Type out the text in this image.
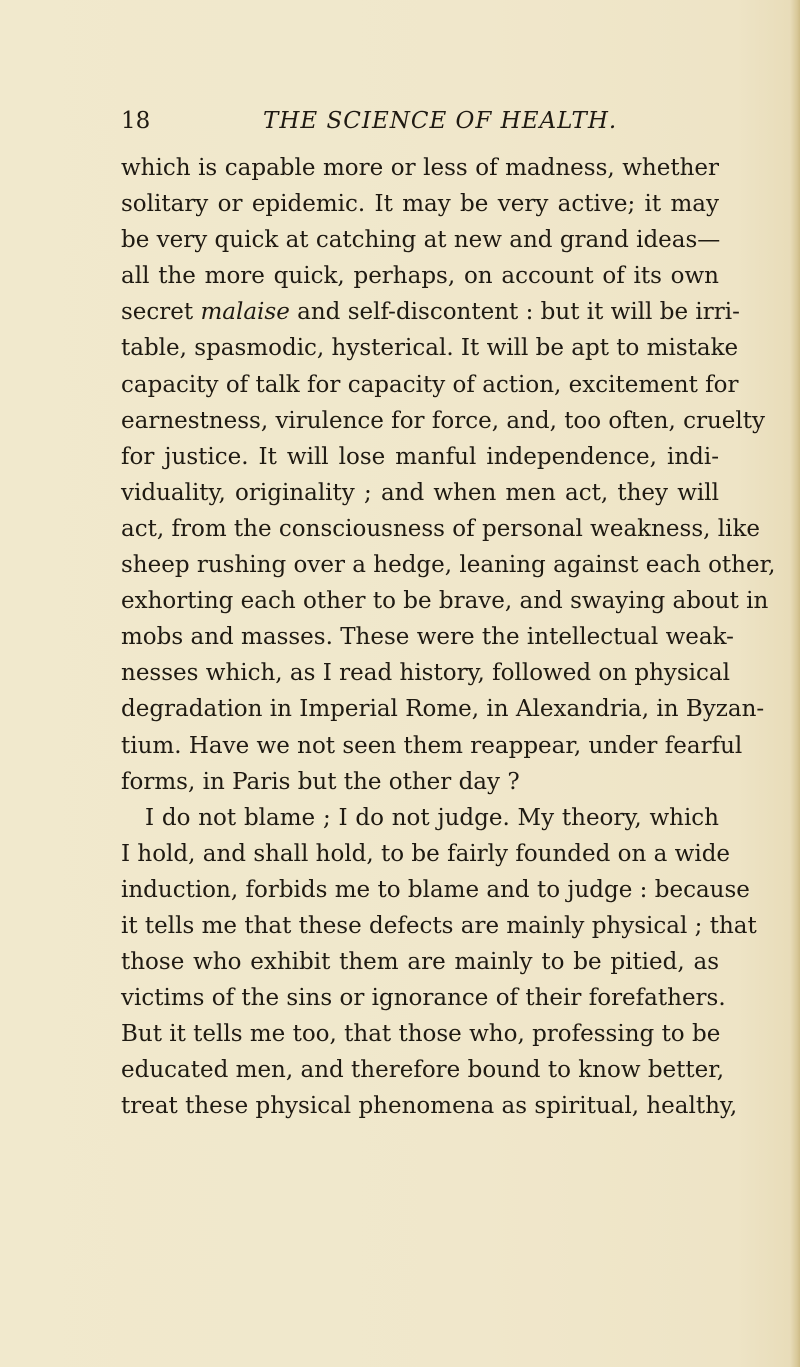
18	THE SCIENCE OF HEALTH.
which is capable more or less of madness, whether
solitary or epidemic. It may be very active; it may
be very quick at catching at new and grand ideas—
all the more quick, perhaps, on account of its own
secret malaise and self-discontent : but it will be irri-
table, spasmodic, hysterical. It will be apt to mistake
capacity of talk for capacity of action, excitement for
earnestness, virulence for force, and, too often, cruelty
for justice. It will lose manful independence, indi-
viduality, originality ; and when men act, they will
act, from the consciousness of personal weakness, like
sheep rushing over a hedge, leaning against each other,
exhorting each other to be brave, and swaying about in
mobs and masses. These were the intellectual weak-
nesses which, as I read history, followed on physical
degradation in Imperial Rome, in Alexandria, in Byzan-
tium. Have we not seen them reappear, under fearful
forms, in Paris but the other day ?
I do not blame ; I do not judge. My theory, which
I hold, and shall hold, to be fairly founded on a wide
induction, forbids me to blame and to judge : because
it tells me that these defects are mainly physical ; that
those who exhibit them are mainly to be pitied, as
victims of the sins or ignorance of their forefathers.
But it tells me too, that those who, professing to be
educated men, and therefore bound to know better,
treat these physical phenomena as spiritual, healthy,
